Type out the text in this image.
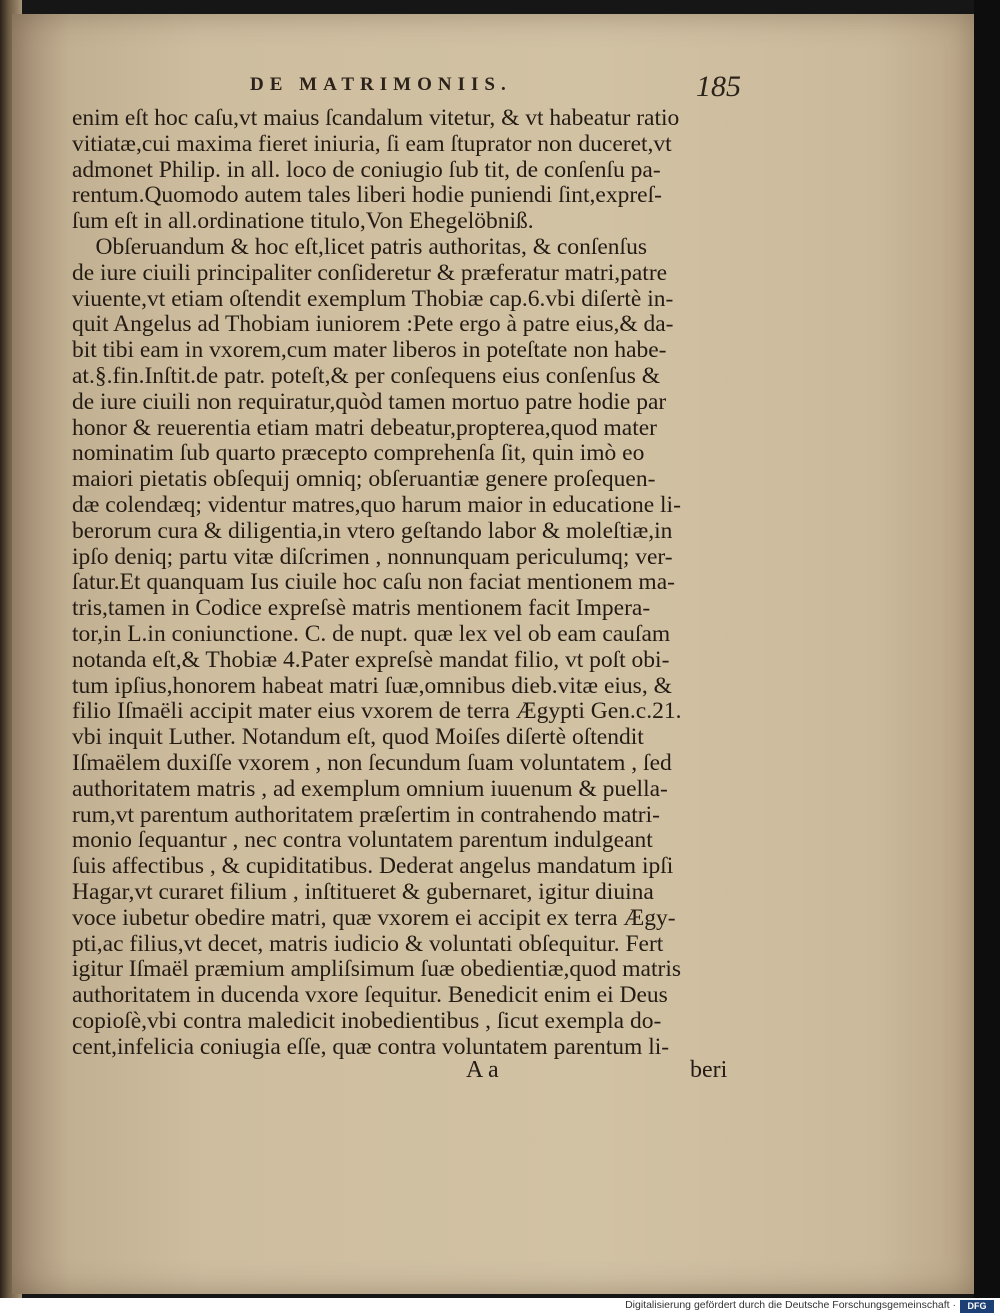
DE MATRIMONIIS.	185
enim eſt hoc caſu,vt maius ſcandalum vitetur, & vt habeatur ratio
vitiatæ,cui maxima fieret iniuria, ſi eam ſtuprator non duceret,vt
admonet Philip. in all. loco de coniugio ſub tit, de conſenſu pa-
rentum.Quomodo autem tales liberi hodie puniendi ſint,expreſ-
ſum eſt in all.ordinatione titulo,Von Ehegelöbniß.
Obſeruandum & hoc eſt,licet patris authoritas, & conſenſus
de iure ciuili principaliter conſideretur & præferatur matri,patre
viuente,vt etiam oſtendit exemplum Thobiæ cap.6.vbi diſertè in-
quit Angelus ad Thobiam iuniorem :Pete ergo à patre eius,& da-
bit tibi eam in vxorem,cum mater liberos in poteſtate non habe-
at.§.fin.Inſtit.de patr. poteſt,& per conſequens eius conſenſus &
de iure ciuili non requiratur,quòd tamen mortuo patre hodie par
honor & reuerentia etiam matri debeatur,propterea,quod mater
nominatim ſub quarto præcepto comprehenſa ſit, quin imò eo
maiori pietatis obſequij omniq; obſeruantiæ genere proſequen-
dæ colendæq; videntur matres,quo harum maior in educatione li-
berorum cura & diligentia,in vtero geſtando labor & moleſtiæ,in
ipſo deniq; partu vitæ diſcrimen , nonnunquam periculumq; ver-
ſatur.Et quanquam Ius ciuile hoc caſu non faciat mentionem ma-
tris,tamen in Codice expreſsè matris mentionem facit Impera-
tor,in L.in coniunctione. C. de nupt. quæ lex vel ob eam cauſam
notanda eſt,& Thobiæ 4.Pater expreſsè mandat filio, vt poſt obi-
tum ipſius,honorem habeat matri ſuæ,omnibus dieb.vitæ eius, &
filio Iſmaëli accipit mater eius vxorem de terra Ægypti Gen.c.21.
vbi inquit Luther. Notandum eſt, quod Moiſes diſertè oſtendit
Iſmaëlem duxiſſe vxorem , non ſecundum ſuam voluntatem , ſed
authoritatem matris , ad exemplum omnium iuuenum & puella-
rum,vt parentum authoritatem præſertim in contrahendo matri-
monio ſequantur , nec contra voluntatem parentum indulgeant
ſuis affectibus , & cupiditatibus. Dederat angelus mandatum ipſi
Hagar,vt curaret filium , inſtitueret & gubernaret, igitur diuina
voce iubetur obedire matri, quæ vxorem ei accipit ex terra Ægy-
pti,ac filius,vt decet, matris iudicio & voluntati obſequitur. Fert
igitur Iſmaël præmium ampliſsimum ſuæ obedientiæ,quod matris
authoritatem in ducenda vxore ſequitur. Benedicit enim ei Deus
copioſè,vbi contra maledicit inobedientibus , ſicut exempla do-
cent,infelicia coniugia eſſe, quæ contra voluntatem parentum li-
A a	beri
Digitalisierung gefördert durch die Deutsche Forschungsgemeinschaft ·	DFG
